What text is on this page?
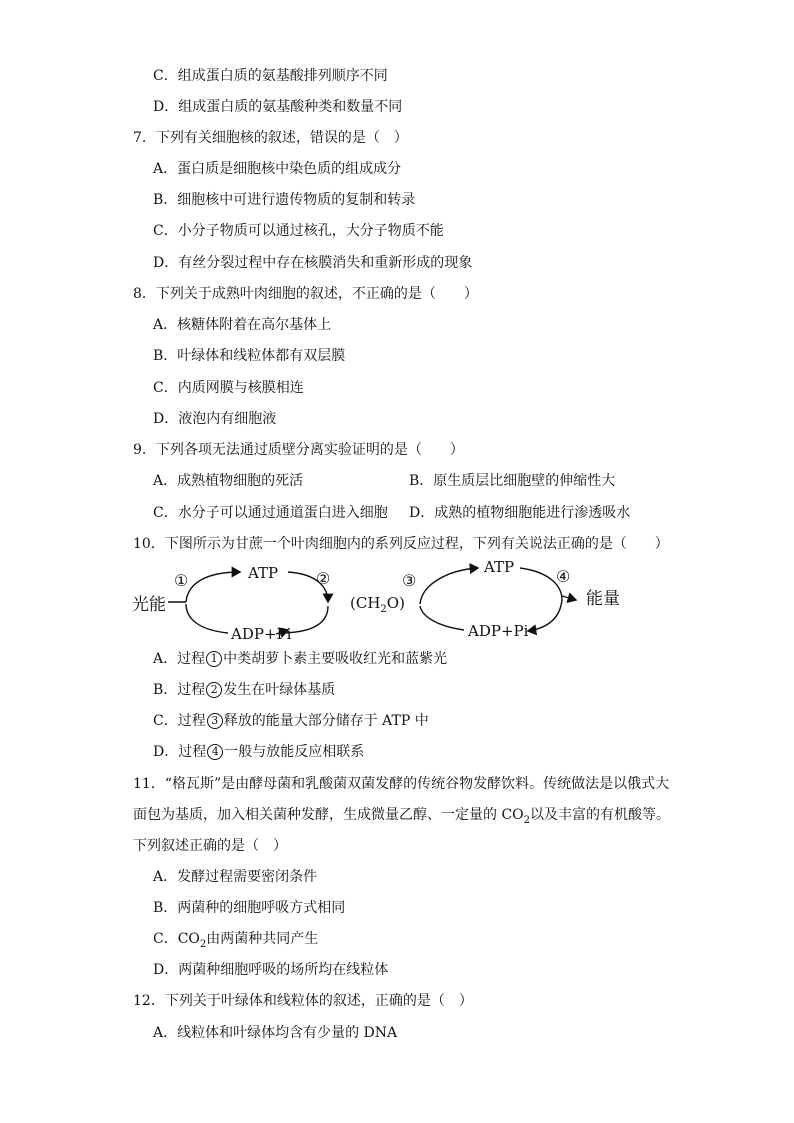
C．组成蛋白质的氨基酸排列顺序不同
D．组成蛋白质的氨基酸种类和数量不同
7．下列有关细胞核的叙述，错误的是（　）
A．蛋白质是细胞核中染色质的组成成分
B．细胞核中可进行遗传物质的复制和转录
C．小分子物质可以通过核孔，大分子物质不能
D．有丝分裂过程中存在核膜消失和重新形成的现象
8．下列关于成熟叶肉细胞的叙述，不正确的是（　　）
A．核糖体附着在高尔基体上
B．叶绿体和线粒体都有双层膜
C．内质网膜与核膜相连
D．液泡内有细胞液
9．下列各项无法通过质壁分离实验证明的是（　　）
A．成熟植物细胞的死活	B．原生质层比细胞壁的伸缩性大
C．水分子可以通过通道蛋白进入细胞 D．成熟的植物细胞能进行渗透吸水
10．下图所示为甘蔗一个叶肉细胞内的系列反应过程，下列有关说法正确的是（　　）
光能
①	ATP ②
ADP+Pi
$(CH_2O)$
③
ATP	④
能量
ADP+Pi
A．过程 1 中类胡萝卜素主要吸收红光和蓝紫光
B．过程 2 发生在叶绿体基质
C．过程 3 释放的能量大部分储存于 ATP 中
D．过程 4 一般与放能反应相联系
11．“格瓦斯”是由酵母菌和乳酸菌双菌发酵的传统谷物发酵饮料。传统做法是以俄式大
面包为基质，加入相关菌种发酵，生成微量乙醇、一定量的 $CO_2$以及丰富的有机酸等。
下列叙述正确的是（　）
A．发酵过程需要密闭条件
B．两菌种的细胞呼吸方式相同
C．$CO_2$由两菌种共同产生
D．两菌种细胞呼吸的场所均在线粒体
12．下列关于叶绿体和线粒体的叙述，正确的是（　）
A．线粒体和叶绿体均含有少量的 DNA
